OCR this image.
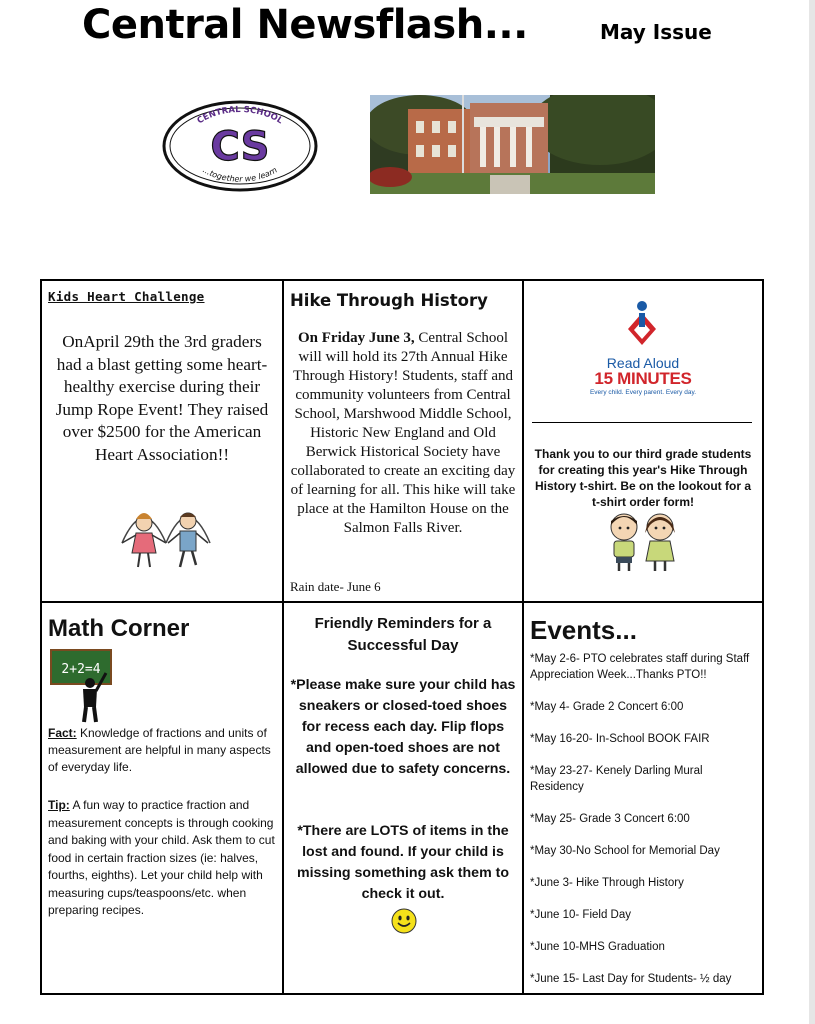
Central Newsflash...	May Issue
CENTRAL SCHOOL
CS
...together we learn
Kids Heart Challenge
OnApril 29th the 3rd graders had a blast getting some heart-healthy exercise during their Jump Rope Event! They raised over $2500 for the American Heart Association!!
Hike Through History
On Friday June 3, Central School will will hold its 27th Annual Hike Through History! Students, staff and community volunteers from Central School, Marshwood Middle School, Historic New England and Old Berwick Historical Society have collaborated to create an exciting day of learning for all. This hike will take place at the Hamilton House on the Salmon Falls River.
Rain date- June 6
Read Aloud
15 MINUTES
Every child. Every parent. Every day.
Thank you to our third grade students for creating this year's Hike Through History t-shirt. Be on the lookout for a t-shirt order form!
Math Corner
2+2=4
Fact: Knowledge of fractions and units of measurement are helpful in many aspects of everyday life.
Tip: A fun way to practice fraction and measurement concepts is through cooking and baking with your child. Ask them to cut food in certain fraction sizes (ie: halves, fourths, eighths). Let your child help with measuring cups/teaspoons/etc. when preparing recipes.
Friendly Reminders for a Successful Day
*Please make sure your child has sneakers or closed-toed shoes for recess each day. Flip flops and open-toed shoes are not allowed due to safety concerns.
*There are LOTS of items in the lost and found. If your child is missing something ask them to check it out.
Events...
*May 2-6- PTO celebrates staff during Staff Appreciation Week...Thanks PTO!!
*May 4- Grade 2 Concert 6:00
*May 16-20- In-School BOOK FAIR
*May 23-27- Kenely Darling Mural Residency
*May 25- Grade 3 Concert 6:00
*May 30-No School for Memorial Day
*June 3- Hike Through History
*June 10- Field Day
*June 10-MHS Graduation
*June 15- Last Day for Students- ½ day
